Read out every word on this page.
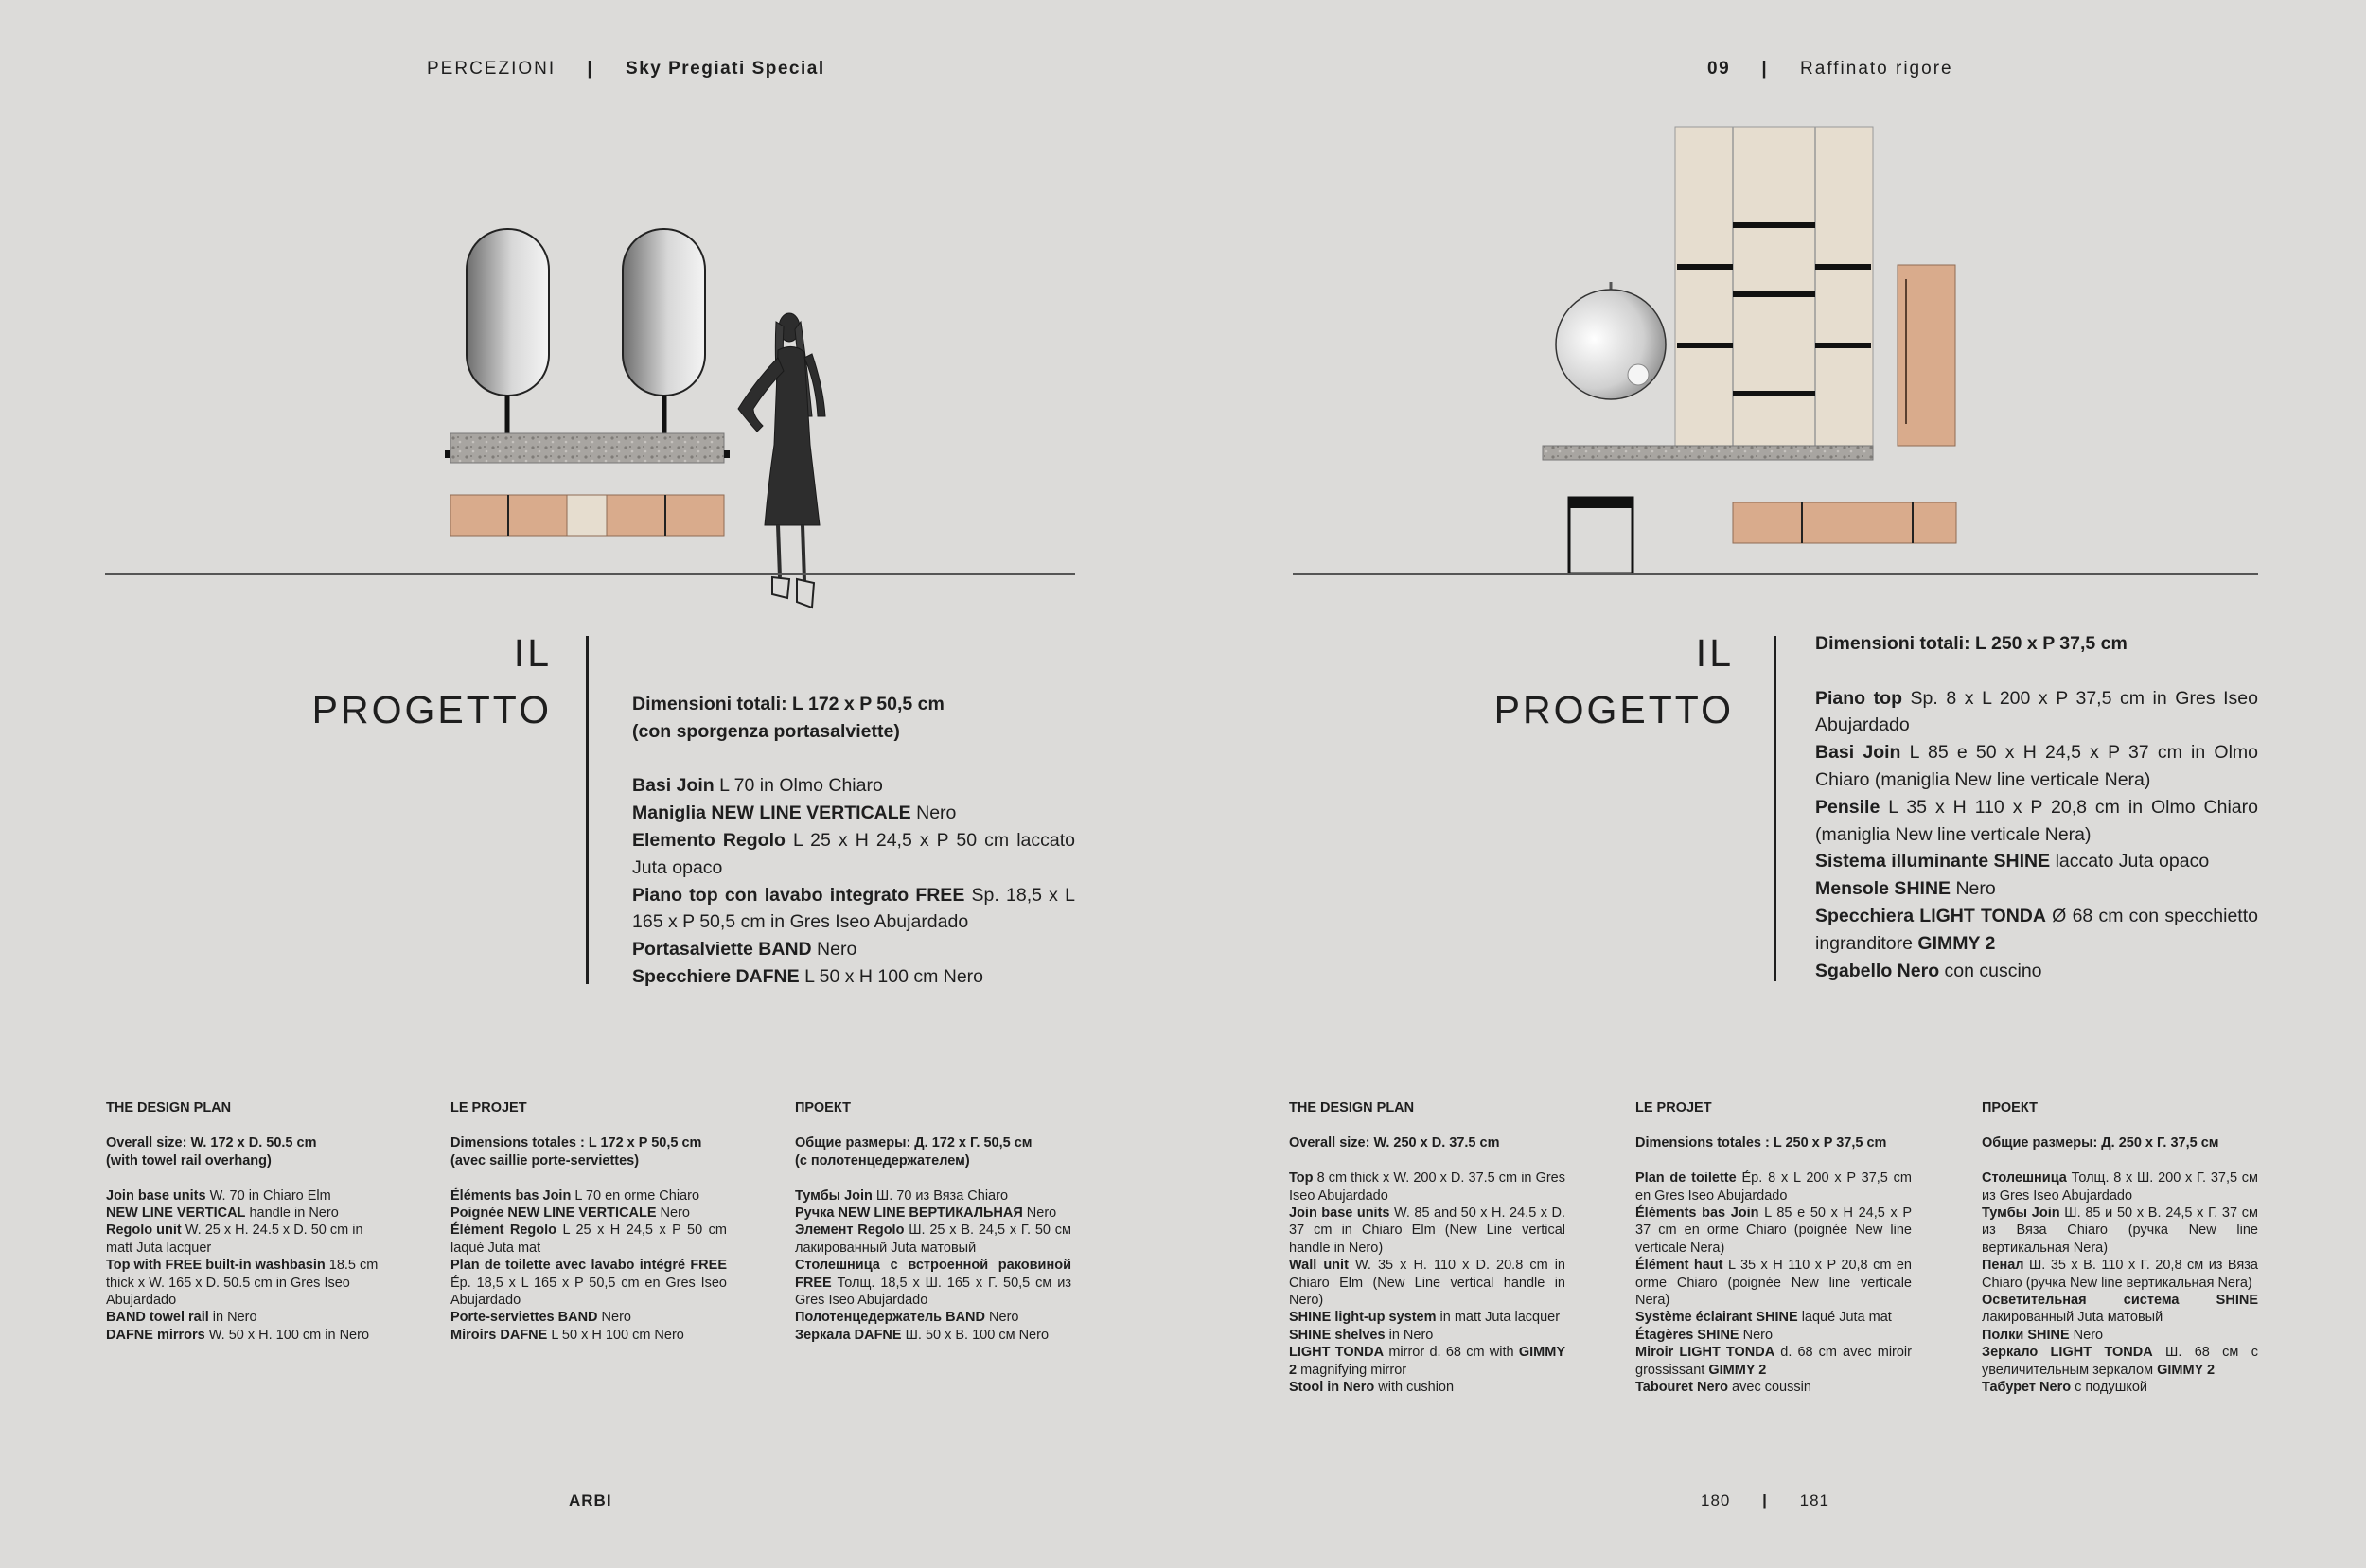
PERCEZIONI | Sky Pregiati Special	09 | Raffinato rigore
IL
PROGETTO	Dimensioni totali: L 172 x P 50,5 cm

(con sporgenza portasalviette)

Basi Join L 70 in Olmo Chiaro

Maniglia NEW LINE VERTICALE Nero

Elemento Regolo L 25 x H 24,5 x P 50 cm laccato Juta opaco

Piano top con lavabo integrato FREE Sp. 18,5 x L 165 x P 50,5 cm in Gres Iseo Abujardado

Portasalviette BAND Nero

Specchiere DAFNE L 50 x H 100 cm Nero

THE DESIGN PLAN

Overall size: W. 172 x D. 50.5 cm

(with towel rail overhang)

Join base units W. 70 in Chiaro Elm

NEW LINE VERTICAL handle in Nero

Regolo unit W. 25 x H. 24.5 x D. 50 cm in matt Juta lacquer

Top with FREE built-in washbasin 18.5 cm thick x W. 165 x D. 50.5 cm in Gres Iseo Abujardado

BAND towel rail in Nero

DAFNE mirrors W. 50 x H. 100 cm in Nero

LE PROJET

Dimensions totales : L 172 x P 50,5 cm

(avec saillie porte-serviettes)

Éléments bas Join L 70 en orme Chiaro

Poignée NEW LINE VERTICALE Nero

Élément Regolo L 25 x H 24,5 x P 50 cm laqué Juta mat

Plan de toilette avec lavabo intégré FREE Ép. 18,5 x L 165 x P 50,5 cm en Gres Iseo Abujardado

Porte-serviettes BAND Nero

Miroirs DAFNE L 50 x H 100 cm Nero

ПРОЕКТ

Общие размеры: Д. 172 x Г. 50,5 см

(с полотенцедержателем)

Тумбы Join Ш. 70 из Вяза Chiaro

Ручка NEW LINE ВЕРТИКАЛЬНАЯ Nero

Элемент Regolo Ш. 25 x В. 24,5 x Г. 50 см лакированный Juta матовый

Столешница с встроенной раковиной FREE Толщ. 18,5 x Ш. 165 x Г. 50,5 см из Gres Iseo Abujardado

Полотенцедержатель BAND Nero

Зеркала DAFNE Ш. 50 x В. 100 см Nero

ARBI
IL
PROGETTO

Dimensioni totali: L 250 x P 37,5 cm

Piano top Sp. 8 x L 200 x P 37,5 cm in Gres Iseo Abujardado

Basi Join L 85 e 50 x H 24,5 x P 37 cm in Olmo Chiaro (maniglia New line verticale Nera)

Pensile L 35 x H 110 x P 20,8 cm in Olmo Chiaro (maniglia New line verticale Nera)

Sistema illuminante SHINE laccato Juta opaco

Mensole SHINE Nero

Specchiera LIGHT TONDA Ø 68 cm con specchietto ingranditore GIMMY 2

Sgabello Nero con cuscino

THE DESIGN PLAN

Overall size: W. 250 x D. 37.5 cm

Top 8 cm thick x W. 200 x D. 37.5 cm in Gres Iseo Abujardado

Join base units W. 85 and 50 x H. 24.5 x D. 37 cm in Chiaro Elm (New Line vertical handle in Nero)

Wall unit W. 35 x H. 110 x D. 20.8 cm in Chiaro Elm (New Line vertical handle in Nero)

SHINE light-up system in matt Juta lacquer

SHINE shelves in Nero

LIGHT TONDA mirror d. 68 cm with GIMMY 2 magnifying mirror

Stool in Nero with cushion

LE PROJET

Dimensions totales : L 250 x P 37,5 cm

Plan de toilette Ép. 8 x L 200 x P 37,5 cm en Gres Iseo Abujardado

Éléments bas Join L 85 e 50 x H 24,5 x P 37 cm en orme Chiaro (poignée New line verticale Nera)

Élément haut L 35 x H 110 x P 20,8 cm en orme Chiaro (poignée New line verticale Nera)

Système éclairant SHINE laqué Juta mat

Étagères SHINE Nero

Miroir LIGHT TONDA d. 68 cm avec miroir grossissant GIMMY 2

Tabouret Nero avec coussin

ПРОЕКТ

Общие размеры: Д. 250 x Г. 37,5 см

Столешница Толщ. 8 x Ш. 200 x Г. 37,5 см из Gres Iseo Abujardado

Тумбы Join Ш. 85 и 50 x В. 24,5 x Г. 37 см из Вяза Chiaro (ручка New line вертикальная Nera)

Пенал Ш. 35 x В. 110 x Г. 20,8 см из Вяза Chiaro (ручка New line вертикальная Nera)

Осветительная система SHINE лакированный Juta матовый

Полки SHINE Nero

Зеркало LIGHT TONDA Ш. 68 см с увеличительным зеркалом GIMMY 2

Табурет Nero с подушкой

180 | 181
